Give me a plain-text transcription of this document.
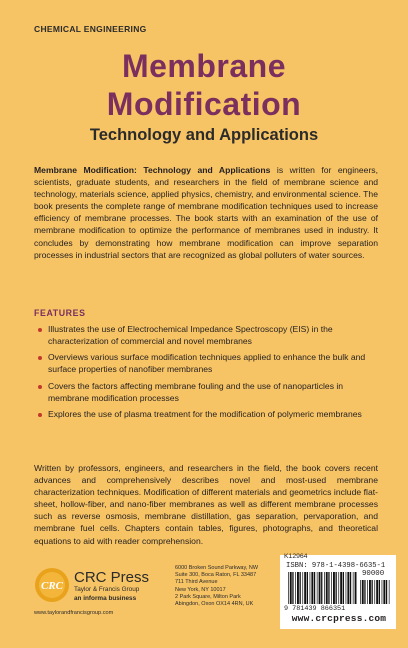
CHEMICAL ENGINEERING
Membrane
Modification
Technology and Applications
Membrane Modification: Technology and Applications is written for engineers, scientists, graduate students, and researchers in the field of membrane science and technology, materials science, applied physics, chemistry, and environmental science. The book presents the complete range of membrane modification techniques used to increase efficiency of membrane processes. The book starts with an examination of the use of membrane modification to optimize the performance of membranes used in industry. It concludes by demonstrating how membrane modification can improve separation processes in industrial sectors that are recognized as global polluters of water sources.
FEATURES
Illustrates the use of Electrochemical Impedance Spectroscopy (EIS) in the characterization of commercial and novel membranes
Overviews various surface modification techniques applied to enhance the bulk and surface properties of nanofiber membranes
Covers the factors affecting membrane fouling and the use of nanoparticles in membrane modification processes
Explores the use of plasma treatment for the modification of polymeric membranes
Written by professors, engineers, and researchers in the field, the book covers recent advances and comprehensively describes novel and most-used membrane characterization techniques. Modification of different materials and geometrics include flat-sheet, hollow-fiber, and nano-fiber membranes as well as different membrane processes such as reverse osmosis, membrane distillation, gas separation, pervaporation, and membrane fuel cells. Chapters contain tables, figures, photographs, and theoretical equations to aid with reader comprehension.
CRC CRC Press
Taylor & Francis Group
an informa business
www.taylorandfrancisgroup.com
6000 Broken Sound Parkway, NW
Suite 300, Boca Raton, FL 33487
711 Third Avenue
New York, NY 10017
2 Park Square, Milton Park
Abingdon, Oxon OX14 4RN, UK
K12964
ISBN: 978-1-4398-6635-1
90000
9 781439 866351
www.crcpress.com
